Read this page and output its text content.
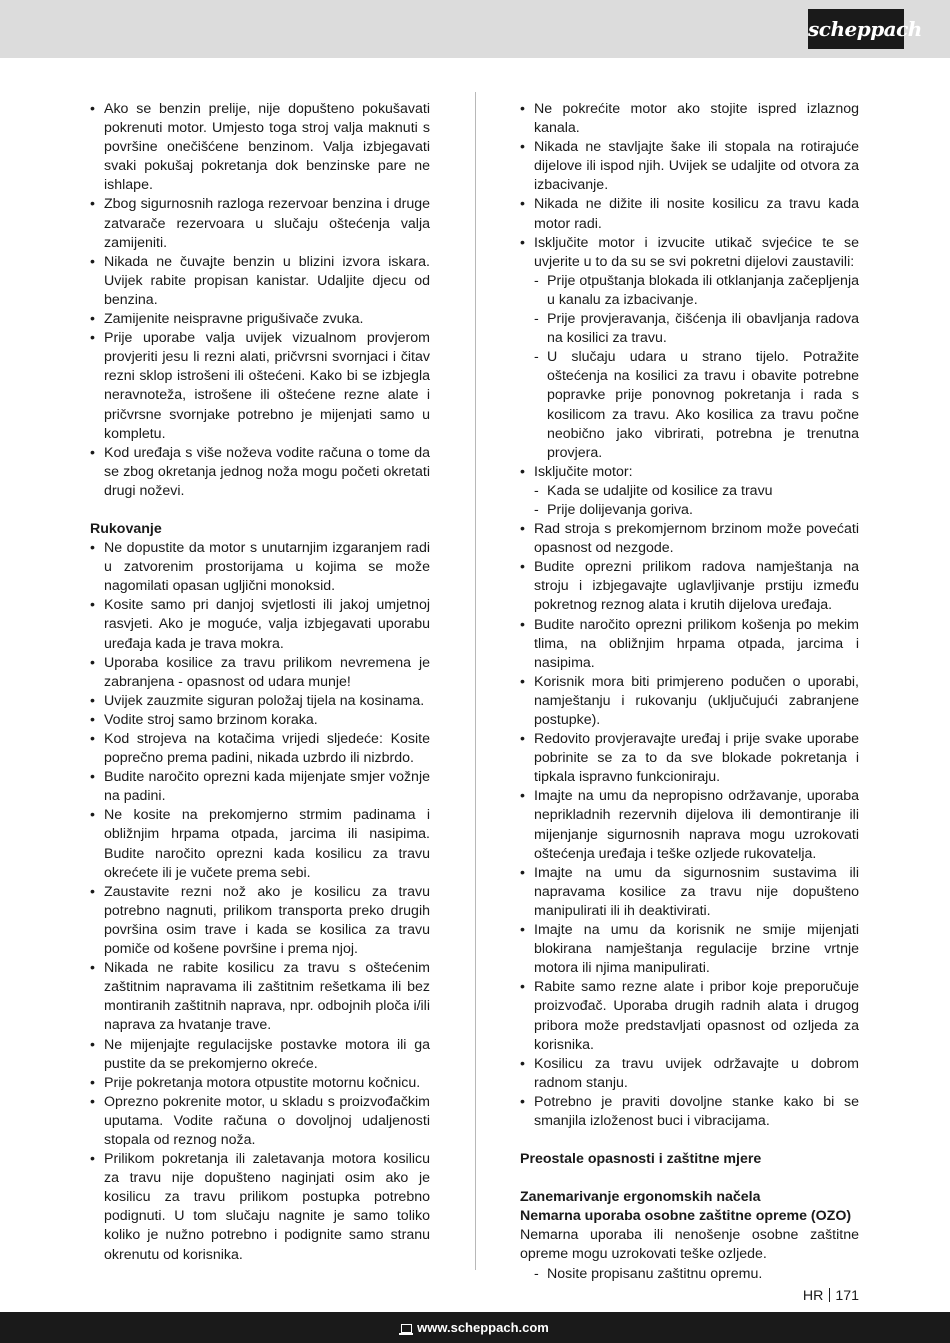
scheppach
• Ako se benzin prelije, nije dopušteno pokušavati pokrenuti motor. Umjesto toga stroj valja maknuti s površine onečišćene benzinom. Valja izbjegavati svaki pokušaj pokretanja dok benzinske pare ne ishlape.
• Zbog sigurnosnih razloga rezervoar benzina i druge zatvarače rezervoara u slučaju oštećenja valja zamijeniti.
• Nikada ne čuvajte benzin u blizini izvora iskara. Uvijek rabite propisan kanistar. Udaljite djecu od benzina.
• Zamijenite neispravne prigušivače zvuka.
• Prije uporabe valja uvijek vizualnom provjerom provjeriti jesu li rezni alati, pričvrsni svornjaci i čitav rezni sklop istrošeni ili oštećeni. Kako bi se izbjegla neravnoteža, istrošene ili oštećene rezne alate i pričvrsne svornjake potrebno je mijenjati samo u kompletu.
• Kod uređaja s više noževa vodite računa o tome da se zbog okretanja jednog noža mogu početi okretati drugi noževi.

Rukovanje

• Ne dopustite da motor s unutarnjim izgaranjem radi u zatvorenim prostorijama u kojima se može nagomilati opasan ugljični monoksid.
• Kosite samo pri danjoj svjetlosti ili jakoj umjetnoj rasvjeti. Ako je moguće, valja izbjegavati uporabu uređaja kada je trava mokra.
• Uporaba kosilice za travu prilikom nevremena je zabranjena - opasnost od udara munje!
• Uvijek zauzmite siguran položaj tijela na kosinama.
• Vodite stroj samo brzinom koraka.
• Kod strojeva na kotačima vrijedi sljedeće: Kosite poprečno prema padini, nikada uzbrdo ili nizbrdo.
• Budite naročito oprezni kada mijenjate smjer vožnje na padini.
• Ne kosite na prekomjerno strmim padinama i obližnjim hrpama otpada, jarcima ili nasipima. Budite naročito oprezni kada kosilicu za travu okrećete ili je vučete prema sebi.
• Zaustavite rezni nož ako je kosilicu za travu potrebno nagnuti, prilikom transporta preko drugih površina osim trave i kada se kosilica za travu pomiče od košene površine i prema njoj.
• Nikada ne rabite kosilicu za travu s oštećenim zaštitnim napravama ili zaštitnim rešetkama ili bez montiranih zaštitnih naprava, npr. odbojnih ploča i/ili naprava za hvatanje trave.
• Ne mijenjajte regulacijske postavke motora ili ga pustite da se prekomjerno okreće.
• Prije pokretanja motora otpustite motornu kočnicu.
• Oprezno pokrenite motor, u skladu s proizvođačkim uputama. Vodite računa o dovoljnoj udaljenosti stopala od reznog noža.
• Prilikom pokretanja ili zaletavanja motora kosilicu za travu nije dopušteno naginjati osim ako je kosilicu za travu prilikom postupka potrebno podignuti. U tom slučaju nagnite je samo toliko koliko je nužno potrebno i podignite samo stranu okrenutu od korisnika.
• Ne pokrećite motor ako stojite ispred izlaznog kanala.
• Nikada ne stavljajte šake ili stopala na rotirajuće dijelove ili ispod njih. Uvijek se udaljite od otvora za izbacivanje.
• Nikada ne dižite ili nosite kosilicu za travu kada motor radi.
• Isključite motor i izvucite utikač svjećice te se uvjerite u to da su se svi pokretni dijelovi zaustavili:
- Prije otpuštanja blokada ili otklanjanja začepljenja u kanalu za izbacivanje.
- Prije provjeravanja, čišćenja ili obavljanja radova na kosilici za travu.
- U slučaju udara u strano tijelo. Potražite oštećenja na kosilici za travu i obavite potrebne popravke prije ponovnog pokretanja i rada s kosilicom za travu. Ako kosilica za travu počne neobično jako vibrirati, potrebna je trenutna provjera.
• Isključite motor:
- Kada se udaljite od kosilice za travu
- Prije dolijevanja goriva.
• Rad stroja s prekomjernom brzinom može povećati opasnost od nezgode.
• Budite oprezni prilikom radova namještanja na stroju i izbjegavajte uglavljivanje prstiju između pokretnog reznog alata i krutih dijelova uređaja.
• Budite naročito oprezni prilikom košenja po mekim tlima, na obližnjim hrpama otpada, jarcima i nasipima.
• Korisnik mora biti primjereno podučen o uporabi, namještanju i rukovanju (uključujući zabranjene postupke).
• Redovito provjeravajte uređaj i prije svake uporabe pobrinite se za to da sve blokade pokretanja i tipkala ispravno funkcioniraju.
• Imajte na umu da nepropisno održavanje, uporaba neprikladnih rezervnih dijelova ili demontiranje ili mijenjanje sigurnosnih naprava mogu uzrokovati oštećenja uređaja i teške ozljede rukovatelja.
• Imajte na umu da sigurnosnim sustavima ili napravama kosilice za travu nije dopušteno manipulirati ili ih deaktivirati.
• Imajte na umu da korisnik ne smije mijenjati blokirana namještanja regulacije brzine vrtnje motora ili njima manipulirati.
• Rabite samo rezne alate i pribor koje preporučuje proizvođač. Uporaba drugih radnih alata i drugog pribora može predstavljati opasnost od ozljeda za korisnika.
• Kosilicu za travu uvijek održavajte u dobrom radnom stanju.
• Potrebno je praviti dovoljne stanke kako bi se smanjila izloženost buci i vibracijama.

Preostale opasnosti i zaštitne mjere

Zanemarivanje ergonomskih načela

Nemarna uporaba osobne zaštitne opreme (OZO)

Nemarna uporaba ili nenošenje osobne zaštitne opreme mogu uzrokovati teške ozljede.

- Nosite propisanu zaštitnu opremu.
HR 171
www.scheppach.com
